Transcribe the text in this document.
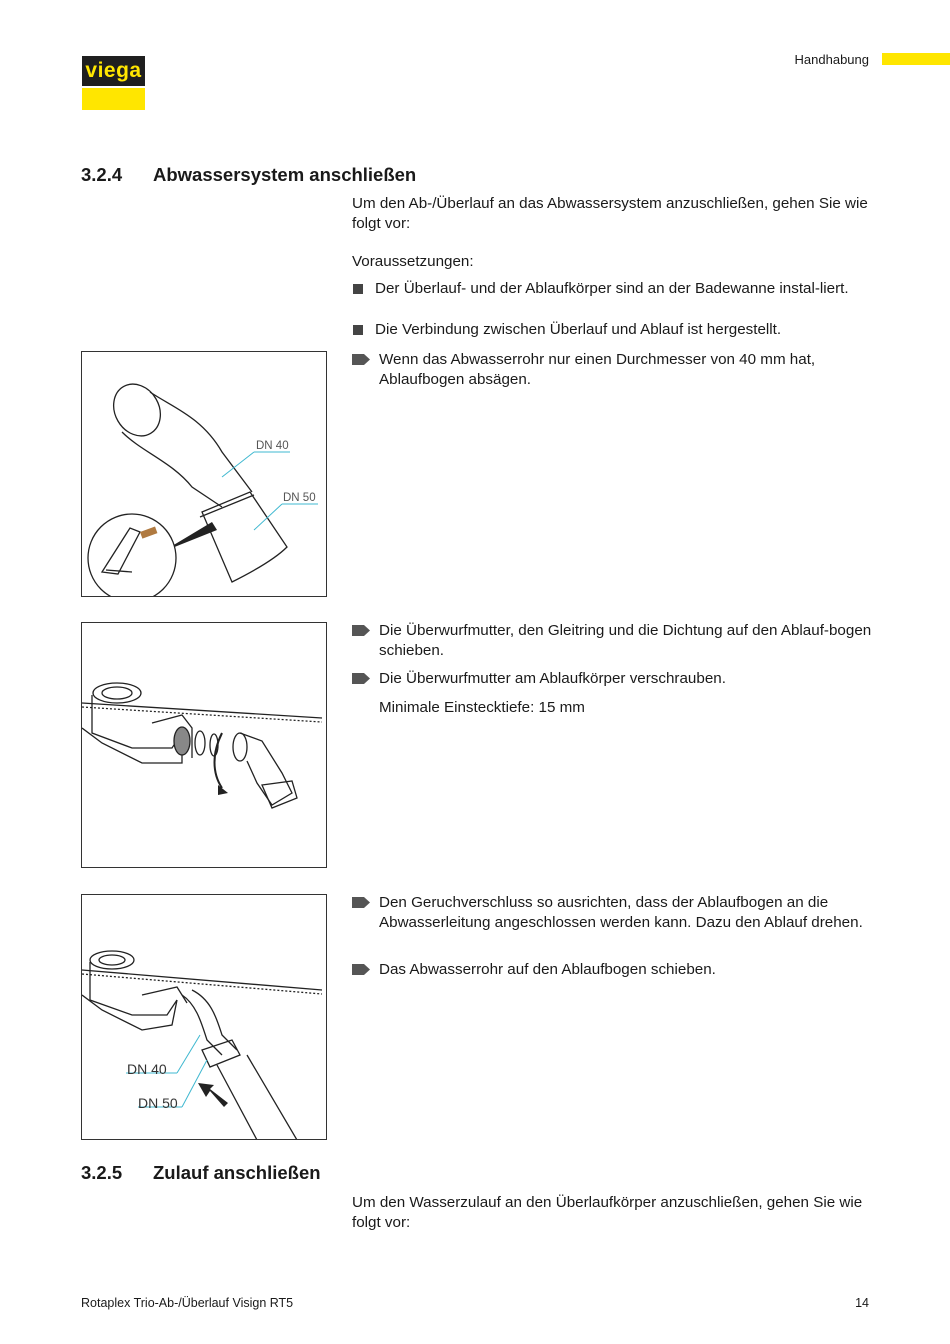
viega	Handhabung
3.2.4 Abwassersystem anschließen
Um den Ab-/Überlauf an das Abwassersystem anzuschließen, gehen Sie wie folgt vor:
Voraussetzungen:
Der Überlauf- und der Ablaufkörper sind an der Badewanne instal-liert.
Die Verbindung zwischen Überlauf und Ablauf ist hergestellt.
Wenn das Abwasserrohr nur einen Durchmesser von 40 mm hat, Ablaufbogen absägen.
DN 40
DN 50
Die Überwurfmutter, den Gleitring und die Dichtung auf den Ablauf-bogen schieben.
Die Überwurfmutter am Ablaufkörper verschrauben.
Minimale Einstecktiefe: 15 mm
DN 40
DN 50
Den Geruchverschluss so ausrichten, dass der Ablaufbogen an die Abwasserleitung angeschlossen werden kann. Dazu den Ablauf drehen.
Das Abwasserrohr auf den Ablaufbogen schieben.
3.2.5 Zulauf anschließen
Um den Wasserzulauf an den Überlaufkörper anzuschließen, gehen Sie wie folgt vor:
Rotaplex Trio-Ab-/Überlauf Visign RT5	14
